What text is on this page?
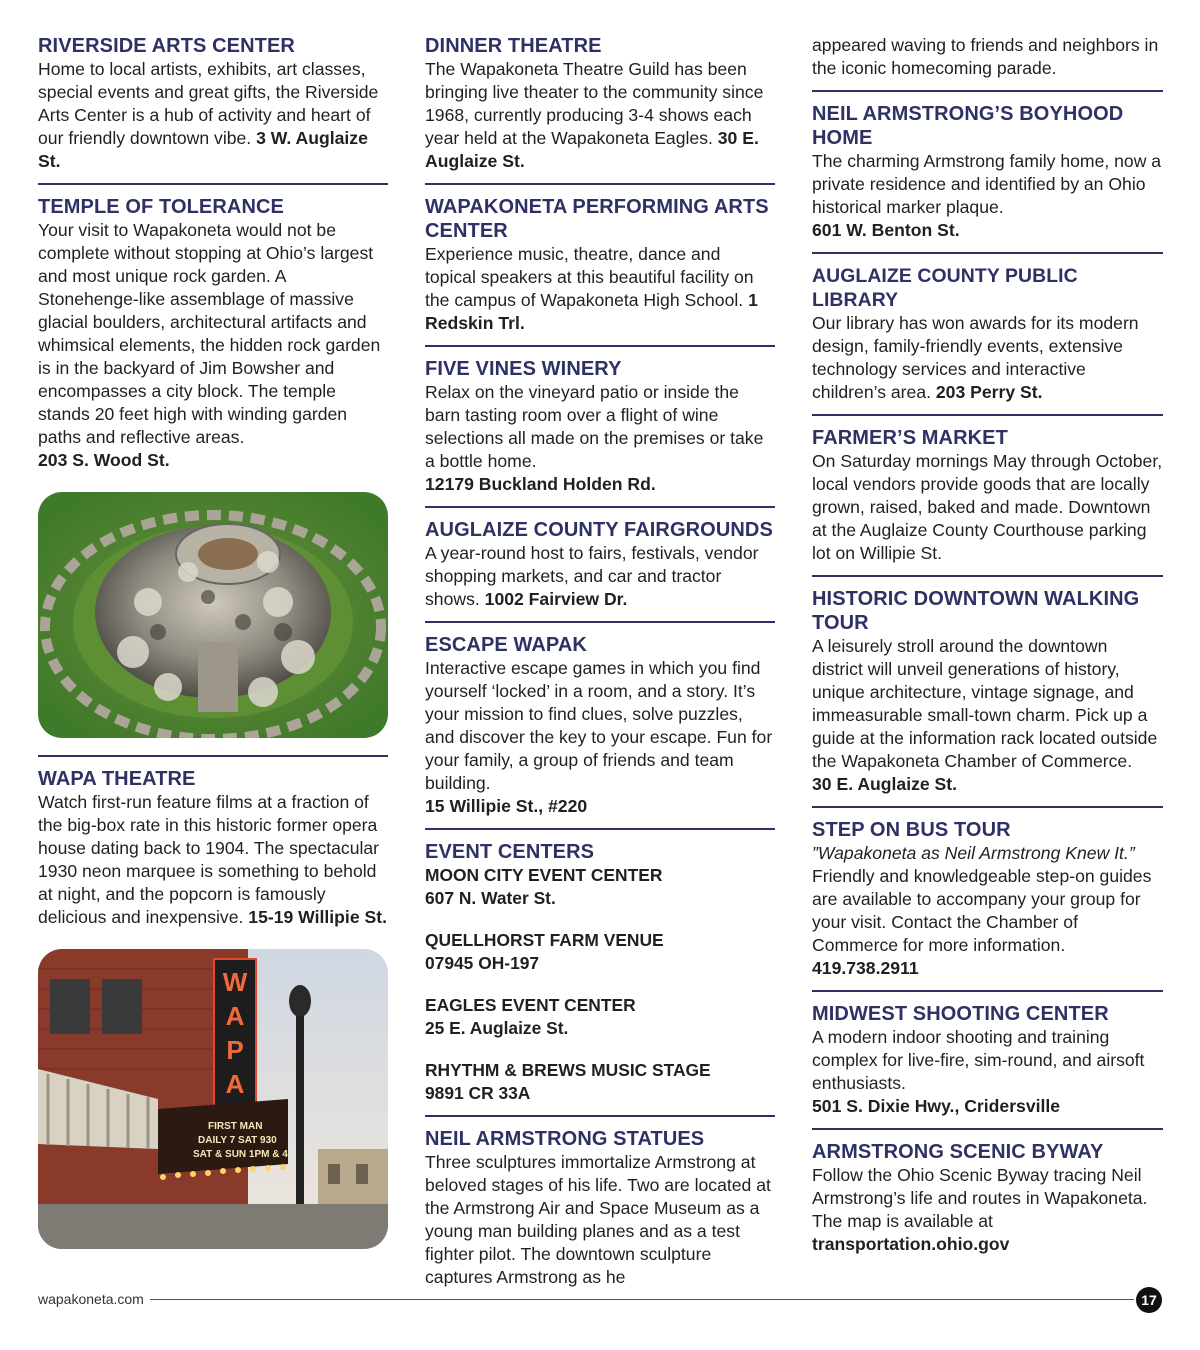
RIVERSIDE ARTS CENTER

Home to local artists, exhibits, art classes, special events and great gifts, the Riverside Arts Center is a hub of activity and heart of our friendly downtown vibe. 3 W. Auglaize St.

TEMPLE OF TOLERANCE

Your visit to Wapakoneta would not be complete without stopping at Ohio’s largest and most unique rock garden. A Stonehenge-like assemblage of massive glacial boulders, architectural artifacts and whimsical elements, the hidden rock garden is in the backyard of Jim Bowsher and encompasses a city block. The temple stands 20 feet high with winding garden paths and reflective areas.

203 S. Wood St.

WAPA THEATRE

Watch first-run feature films at a fraction of the big-box rate in this historic former opera house dating back to 1904. The spectacular 1930 neon marquee is something to behold at night, and the popcorn is famously delicious and inexpensive. 15-19 Willipie St.

W
A
P
A
FIRST MAN
DAILY 7 SAT 930
SAT & SUN 1PM & 4
DINNER THEATRE

The Wapakoneta Theatre Guild has been bringing live theater to the community since 1968, currently producing 3-4 shows each year held at the Wapakoneta Eagles. 30 E. Auglaize St.

WAPAKONETA PERFORMING ARTS CENTER

Experience music, theatre, dance and topical speakers at this beautiful facility on the campus of Wapakoneta High School. 1 Redskin Trl.

FIVE VINES WINERY

Relax on the vineyard patio or inside the barn tasting room over a flight of wine selections all made on the premises or take a bottle home.

12179 Buckland Holden Rd.

AUGLAIZE COUNTY FAIRGROUNDS

A year-round host to fairs, festivals, vendor shopping markets, and car and tractor shows. 1002 Fairview Dr.

ESCAPE WAPAK

Interactive escape games in which you find yourself ‘locked’ in a room, and a story. It’s your mission to find clues, solve puzzles, and discover the key to your escape. Fun for your family, a group of friends and team building.

15 Willipie St., #220

EVENT CENTERS
MOON CITY EVENT CENTER
607 N. Water St.
QUELLHORST FARM VENUE
07945 OH-197
EAGLES EVENT CENTER
25 E. Auglaize St.
RHYTHM & BREWS MUSIC STAGE
9891 CR 33A
NEIL ARMSTRONG STATUES

Three sculptures immortalize Armstrong at beloved stages of his life. Two are located at the Armstrong Air and Space Museum as a young man building planes and as a test fighter pilot. The downtown sculpture captures Armstrong as he

appeared waving to friends and neighbors in the iconic homecoming parade.

NEIL ARMSTRONG’S BOYHOOD HOME

The charming Armstrong family home, now a private residence and identified by an Ohio historical marker plaque.

601 W. Benton St.

AUGLAIZE COUNTY PUBLIC LIBRARY

Our library has won awards for its modern design, family-friendly events, extensive technology services and interactive children’s area. 203 Perry St.

FARMER’S MARKET

On Saturday mornings May through October, local vendors provide goods that are locally grown, raised, baked and made. Downtown at the Auglaize County Courthouse parking lot on Willipie St.

HISTORIC DOWNTOWN WALKING TOUR

A leisurely stroll around the downtown district will unveil generations of history, unique architecture, vintage signage, and immeasurable small-town charm. Pick up a guide at the information rack located outside the Wapakoneta Chamber of Commerce.

30 E. Auglaize St.

STEP ON BUS TOUR

”Wapakoneta as Neil Armstrong Knew It.” Friendly and knowledgeable step-on guides are available to accompany your group for your visit. Contact the Chamber of Commerce for more information. 419.738.2911

MIDWEST SHOOTING CENTER

A modern indoor shooting and training complex for live-fire, sim-round, and airsoft enthusiasts.

501 S. Dixie Hwy., Cridersville

ARMSTRONG SCENIC BYWAY

Follow the Ohio Scenic Byway tracing Neil Armstrong’s life and routes in Wapakoneta. The map is available at

transportation.ohio.gov

wapakoneta.com	17
